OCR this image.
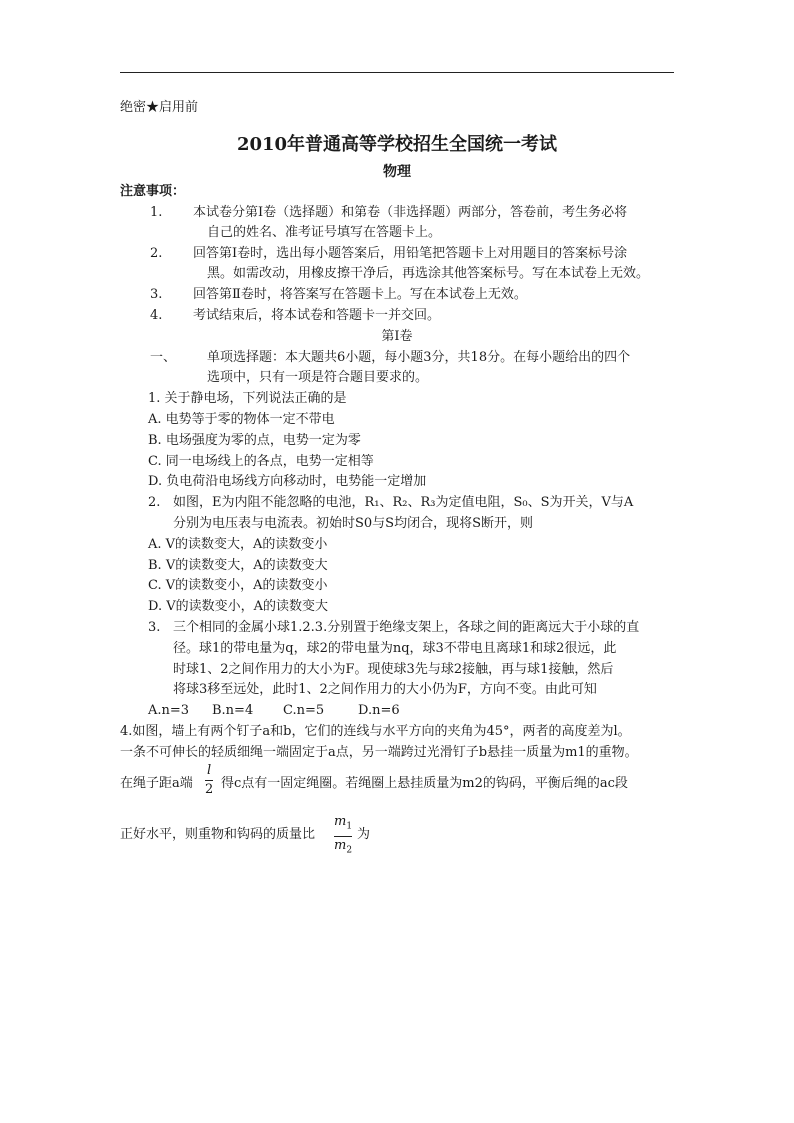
绝密★启用前
2010年普通高等学校招生全国统一考试
物理
注意事项：
1. 本试卷分第Ⅰ卷（选择题）和第卷（非选择题）两部分，答卷前，考生务必将
自己的姓名、准考证号填写在答题卡上。
2. 回答第Ⅰ卷时，选出每小题答案后，用铅笔把答题卡上对用题目的答案标号涂
黑。如需改动，用橡皮擦干净后，再选涂其他答案标号。写在本试卷上无效。
3. 回答第Ⅱ卷时，将答案写在答题卡上。写在本试卷上无效。
4. 考试结束后，将本试卷和答题卡一并交回。
第Ⅰ卷
一、 单项选择题：本大题共6小题，每小题3分，共18分。在每小题给出的四个
选项中，只有一项是符合题目要求的。
1. 关于静电场，下列说法正确的是
A. 电势等于零的物体一定不带电
B. 电场强度为零的点，电势一定为零
C. 同一电场线上的各点，电势一定相等
D. 负电荷沿电场线方向移动时，电势能一定增加
2. 如图，E为内阻不能忽略的电池，R₁、R₂、R₃为定值电阻，S₀、S为开关，V与A
分别为电压表与电流表。初始时S0与S均闭合，现将S断开，则
A. V的读数变大，A的读数变小
B. V的读数变大，A的读数变大
C. V的读数变小，A的读数变小
D. V的读数变小，A的读数变大
3. 三个相同的金属小球1.2.3.分别置于绝缘支架上，各球之间的距离远大于小球的直
径。球1的带电量为q，球2的带电量为nq，球3不带电且离球1和球2很远，此
时球1、2之间作用力的大小为F。现使球3先与球2接触，再与球1接触，然后
将球3移至远处，此时1、2之间作用力的大小仍为F，方向不变。由此可知
A.n=3 B.n=4 C.n=5	D.n=6
4.如图，墙上有两个钉子a和b，它们的连线与水平方向的夹角为45°，两者的高度差为l。
一条不可伸长的轻质细绳一端固定于a点，另一端跨过光滑钉子b悬挂一质量为m1的重物。
在绳子距a端
l
2 得c点有一固定绳圈。若绳圈上悬挂质量为m2的钩码，平衡后绳的ac段
正好水平，则重物和钩码的质量比
$m_1$
$m_2$
为
